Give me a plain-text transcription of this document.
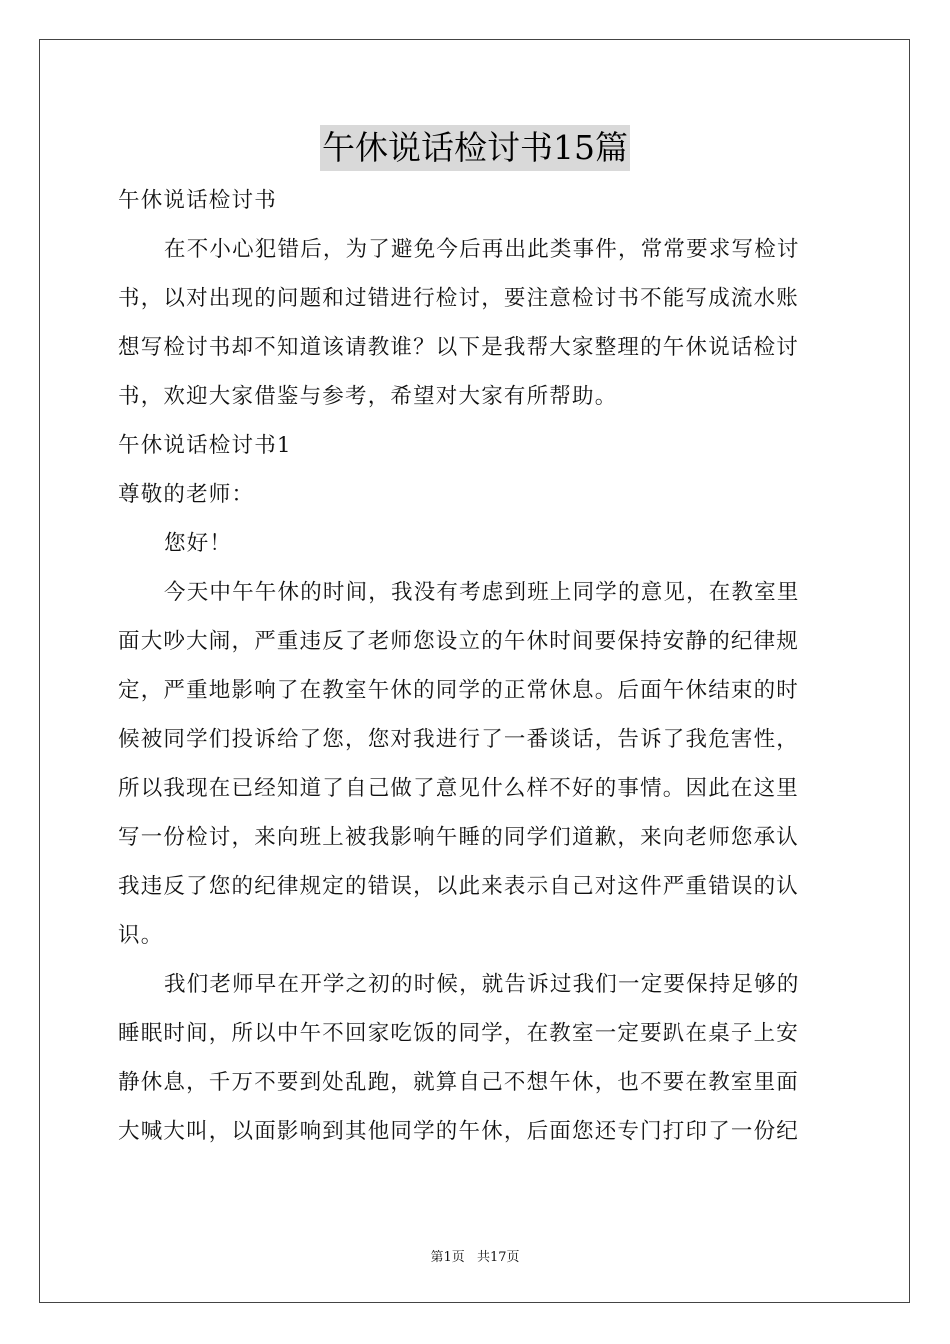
午休说话检讨书15篇
午休说话检讨书
在不小心犯错后，为了避免今后再出此类事件，常常要求写检讨
书，以对出现的问题和过错进行检讨，要注意检讨书不能写成流水账
想写检讨书却不知道该请教谁？以下是我帮大家整理的午休说话检讨
书，欢迎大家借鉴与参考，希望对大家有所帮助。
午休说话检讨书1
尊敬的老师：
您好！
今天中午午休的时间，我没有考虑到班上同学的意见，在教室里
面大吵大闹，严重违反了老师您设立的午休时间要保持安静的纪律规
定，严重地影响了在教室午休的同学的正常休息。后面午休结束的时
候被同学们投诉给了您，您对我进行了一番谈话，告诉了我危害性，
所以我现在已经知道了自己做了意见什么样不好的事情。因此在这里
写一份检讨，来向班上被我影响午睡的同学们道歉，来向老师您承认
我违反了您的纪律规定的错误，以此来表示自己对这件严重错误的认
识。
我们老师早在开学之初的时候，就告诉过我们一定要保持足够的
睡眠时间，所以中午不回家吃饭的同学，在教室一定要趴在桌子上安
静休息，千万不要到处乱跑，就算自己不想午休，也不要在教室里面
大喊大叫，以面影响到其他同学的午休，后面您还专门打印了一份纪
第1页 共17页
